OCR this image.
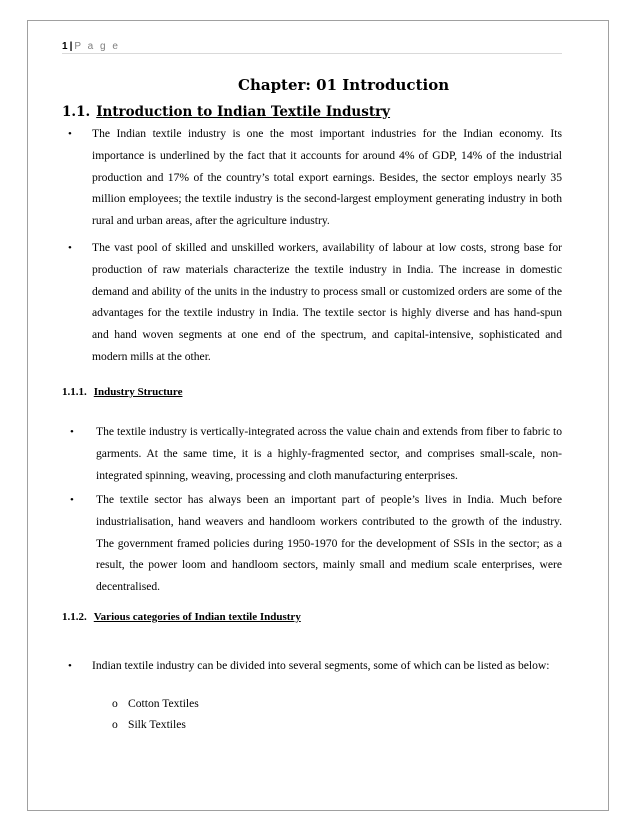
1 | P a g e
Chapter: 01 Introduction
1.1. Introduction to Indian Textile Industry
• The Indian textile industry is one the most important industries for the Indian economy. Its importance is underlined by the fact that it accounts for around 4% of GDP, 14% of the industrial production and 17% of the country’s total export earnings. Besides, the sector employs nearly 35 million employees; the textile industry is the second-largest employment generating industry in both rural and urban areas, after the agriculture industry.
• The vast pool of skilled and unskilled workers, availability of labour at low costs, strong base for production of raw materials characterize the textile industry in India. The increase in domestic demand and ability of the units in the industry to process small or customized orders are some of the advantages for the textile industry in India. The textile sector is highly diverse and has hand-spun and hand woven segments at one end of the spectrum, and capital-intensive, sophisticated and modern mills at the other.
1.1.1. Industry Structure
• The textile industry is vertically-integrated across the value chain and extends from fiber to fabric to garments. At the same time, it is a highly-fragmented sector, and comprises small-scale, non-integrated spinning, weaving, processing and cloth manufacturing enterprises.
• The textile sector has always been an important part of people’s lives in India. Much before industrialisation, hand weavers and handloom workers contributed to the growth of the industry. The government framed policies during 1950-1970 for the development of SSIs in the sector; as a result, the power loom and handloom sectors, mainly small and medium scale enterprises, were decentralised.
1.1.2. Various categories of Indian textile Industry
• Indian textile industry can be divided into several segments, some of which can be listed as below:
o Cotton Textiles
o Silk Textiles
